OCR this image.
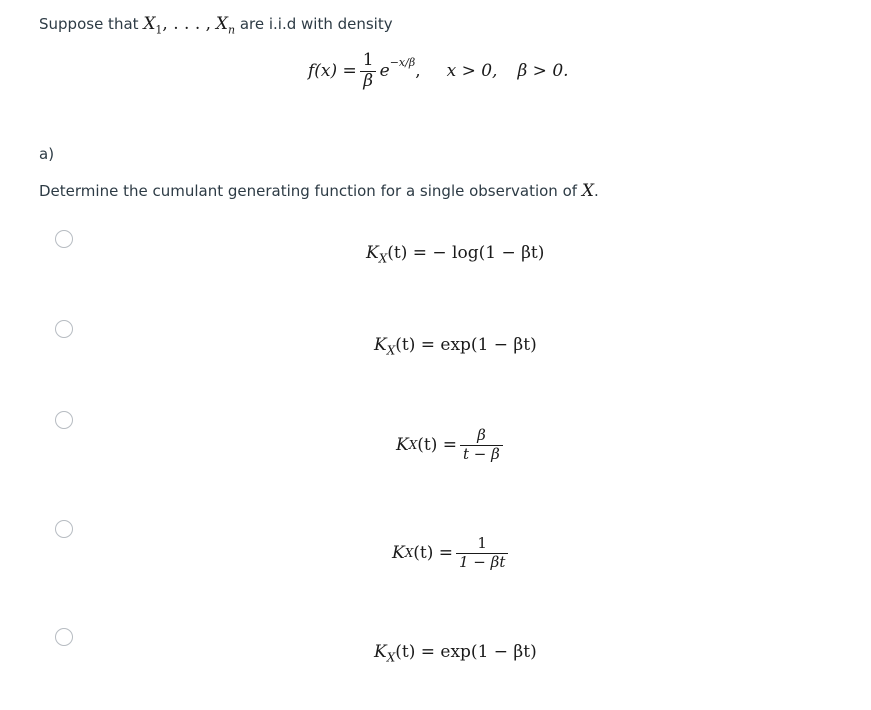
Suppose that $X_1$, . . . , $X_n$ are i.i.d with density
$f(x) = \frac{1}{\beta}$ e −x/β , x > 0, β > 0.
a)
Determine the cumulant generating function for a single observation of X.
$K_X(t)$ = − log(1 − βt)
$K_X(t) = \exp(1 - \beta t)$
K X $(t) = \frac{\beta}{t - \beta}$
K X $(t) = \frac{1}{1 - \beta t}$
$K_X(t) = \exp(1 - \beta t)$
